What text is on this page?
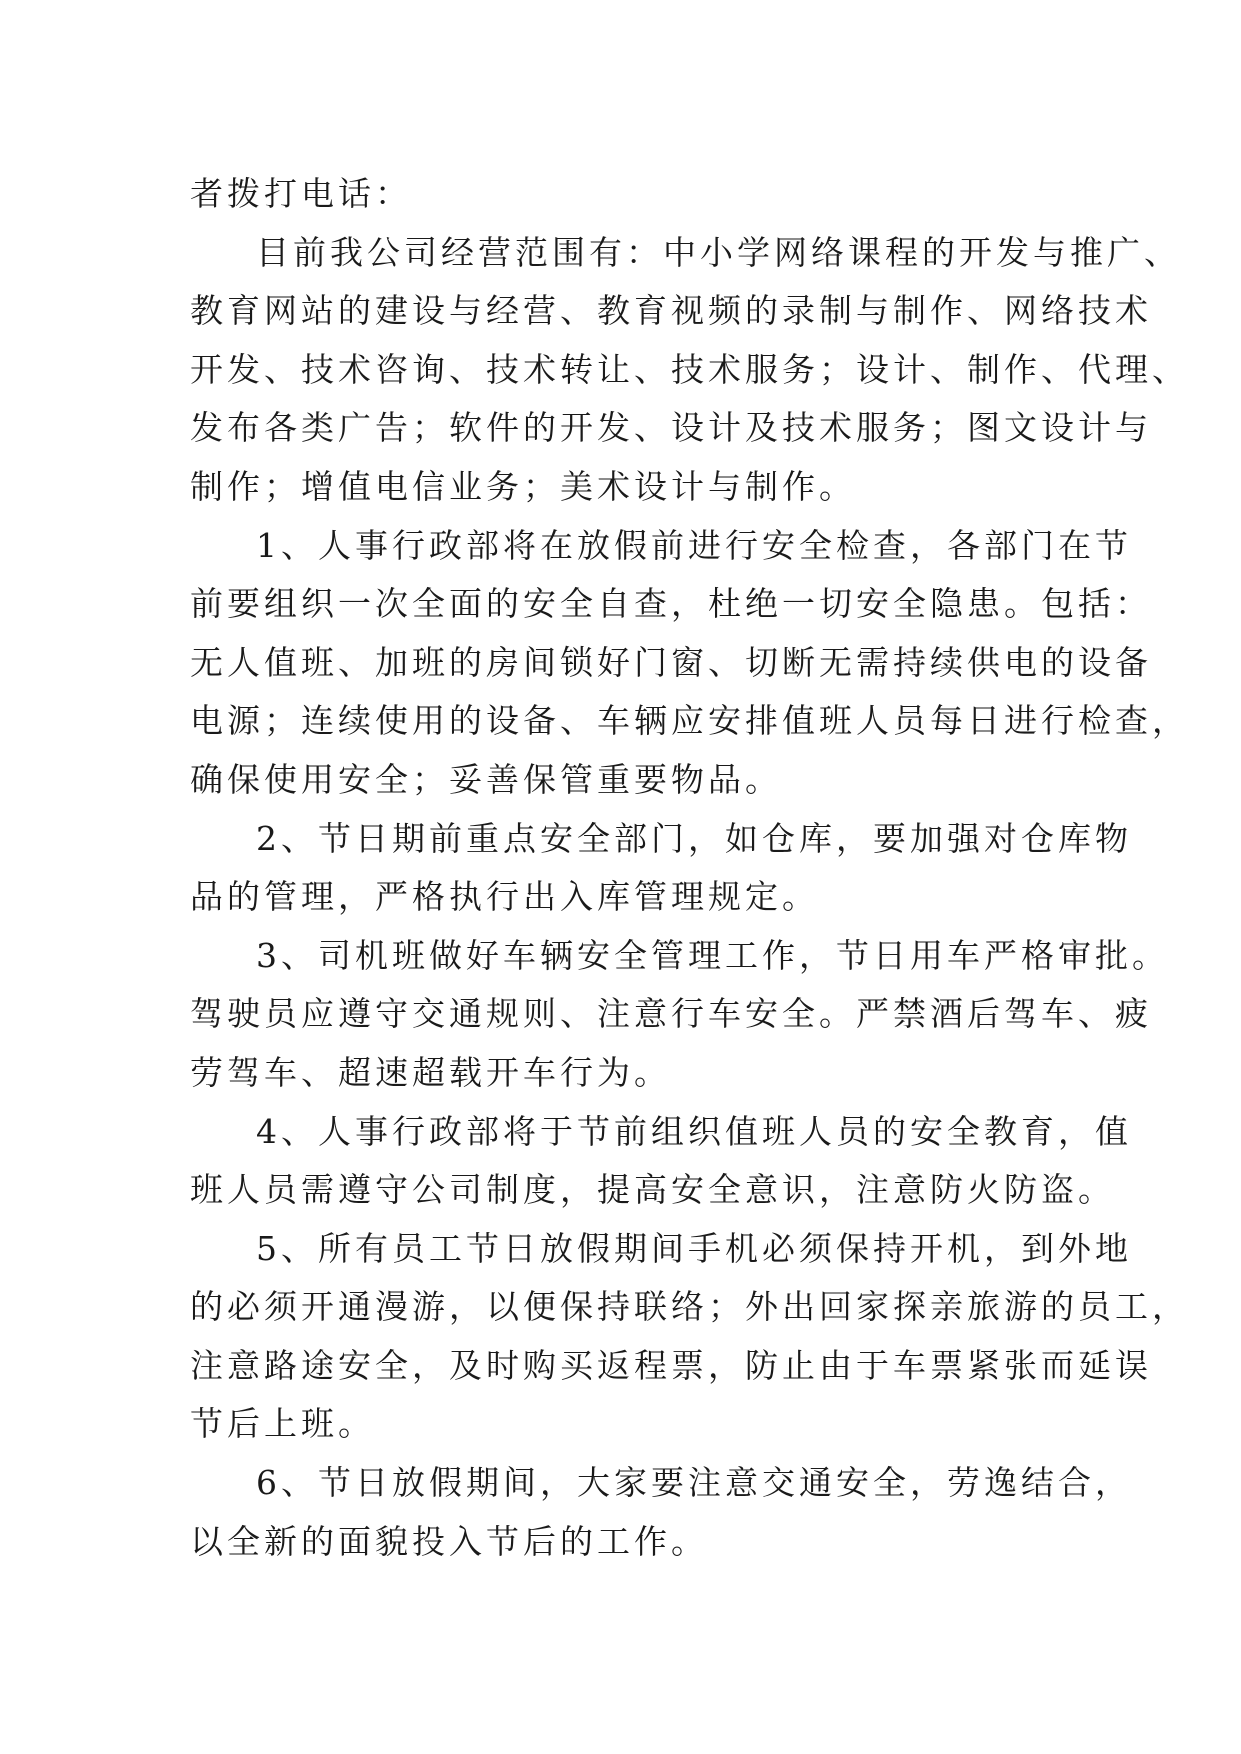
者拨打电话：
目前我公司经营范围有：中小学网络课程的开发与推广、
教育网站的建设与经营、教育视频的录制与制作、网络技术
开发、技术咨询、技术转让、技术服务；设计、制作、代理、
发布各类广告；软件的开发、设计及技术服务；图文设计与
制作；增值电信业务；美术设计与制作。
1、人事行政部将在放假前进行安全检查，各部门在节
前要组织一次全面的安全自查，杜绝一切安全隐患。包括：
无人值班、加班的房间锁好门窗、切断无需持续供电的设备
电源；连续使用的设备、车辆应安排值班人员每日进行检查，
确保使用安全；妥善保管重要物品。
2、节日期前重点安全部门，如仓库，要加强对仓库物
品的管理，严格执行出入库管理规定。
3、司机班做好车辆安全管理工作，节日用车严格审批。
驾驶员应遵守交通规则、注意行车安全。严禁酒后驾车、疲
劳驾车、超速超载开车行为。
4、人事行政部将于节前组织值班人员的安全教育，值
班人员需遵守公司制度，提高安全意识，注意防火防盗。
5、所有员工节日放假期间手机必须保持开机，到外地
的必须开通漫游，以便保持联络；外出回家探亲旅游的员工，
注意路途安全，及时购买返程票，防止由于车票紧张而延误
节后上班。
6、节日放假期间，大家要注意交通安全，劳逸结合，
以全新的面貌投入节后的工作。
